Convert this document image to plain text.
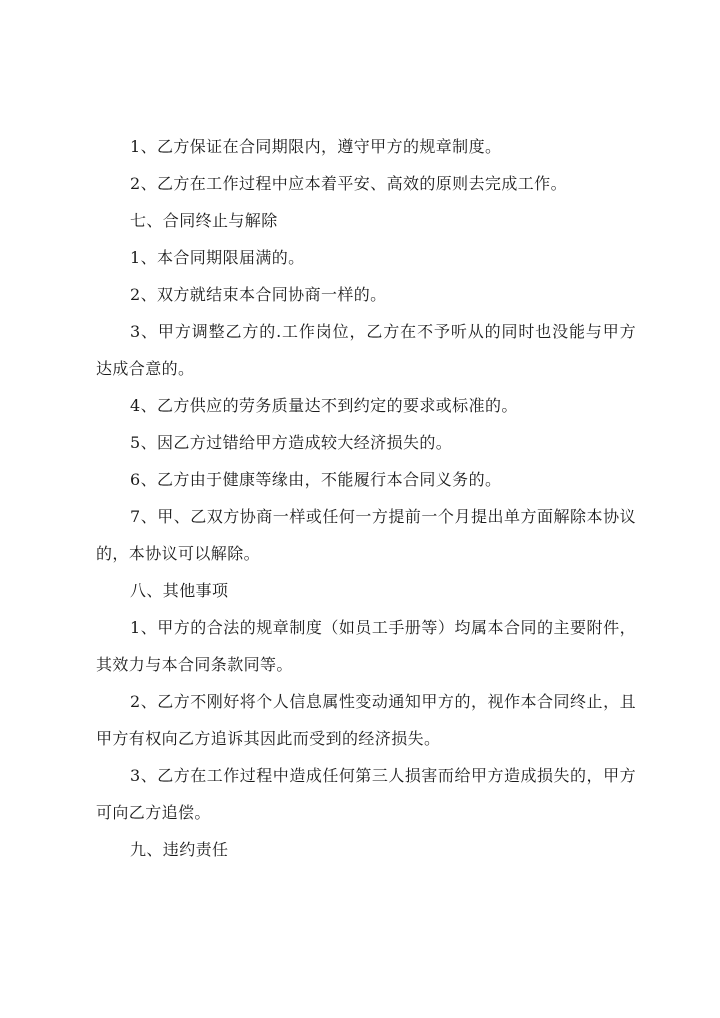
1、乙方保证在合同期限内，遵守甲方的规章制度。

2、乙方在工作过程中应本着平安、高效的原则去完成工作。

七、合同终止与解除

1、本合同期限届满的。

2、双方就结束本合同协商一样的。

3、甲方调整乙方的.工作岗位，乙方在不予听从的同时也没能与甲方达成合意的。

4、乙方供应的劳务质量达不到约定的要求或标准的。

5、因乙方过错给甲方造成较大经济损失的。

6、乙方由于健康等缘由，不能履行本合同义务的。

7、甲、乙双方协商一样或任何一方提前一个月提出单方面解除本协议的，本协议可以解除。

八、其他事项

1、甲方的合法的规章制度（如员工手册等）均属本合同的主要附件，其效力与本合同条款同等。

2、乙方不刚好将个人信息属性变动通知甲方的，视作本合同终止，且甲方有权向乙方追诉其因此而受到的经济损失。

3、乙方在工作过程中造成任何第三人损害而给甲方造成损失的，甲方可向乙方追偿。

九、违约责任
